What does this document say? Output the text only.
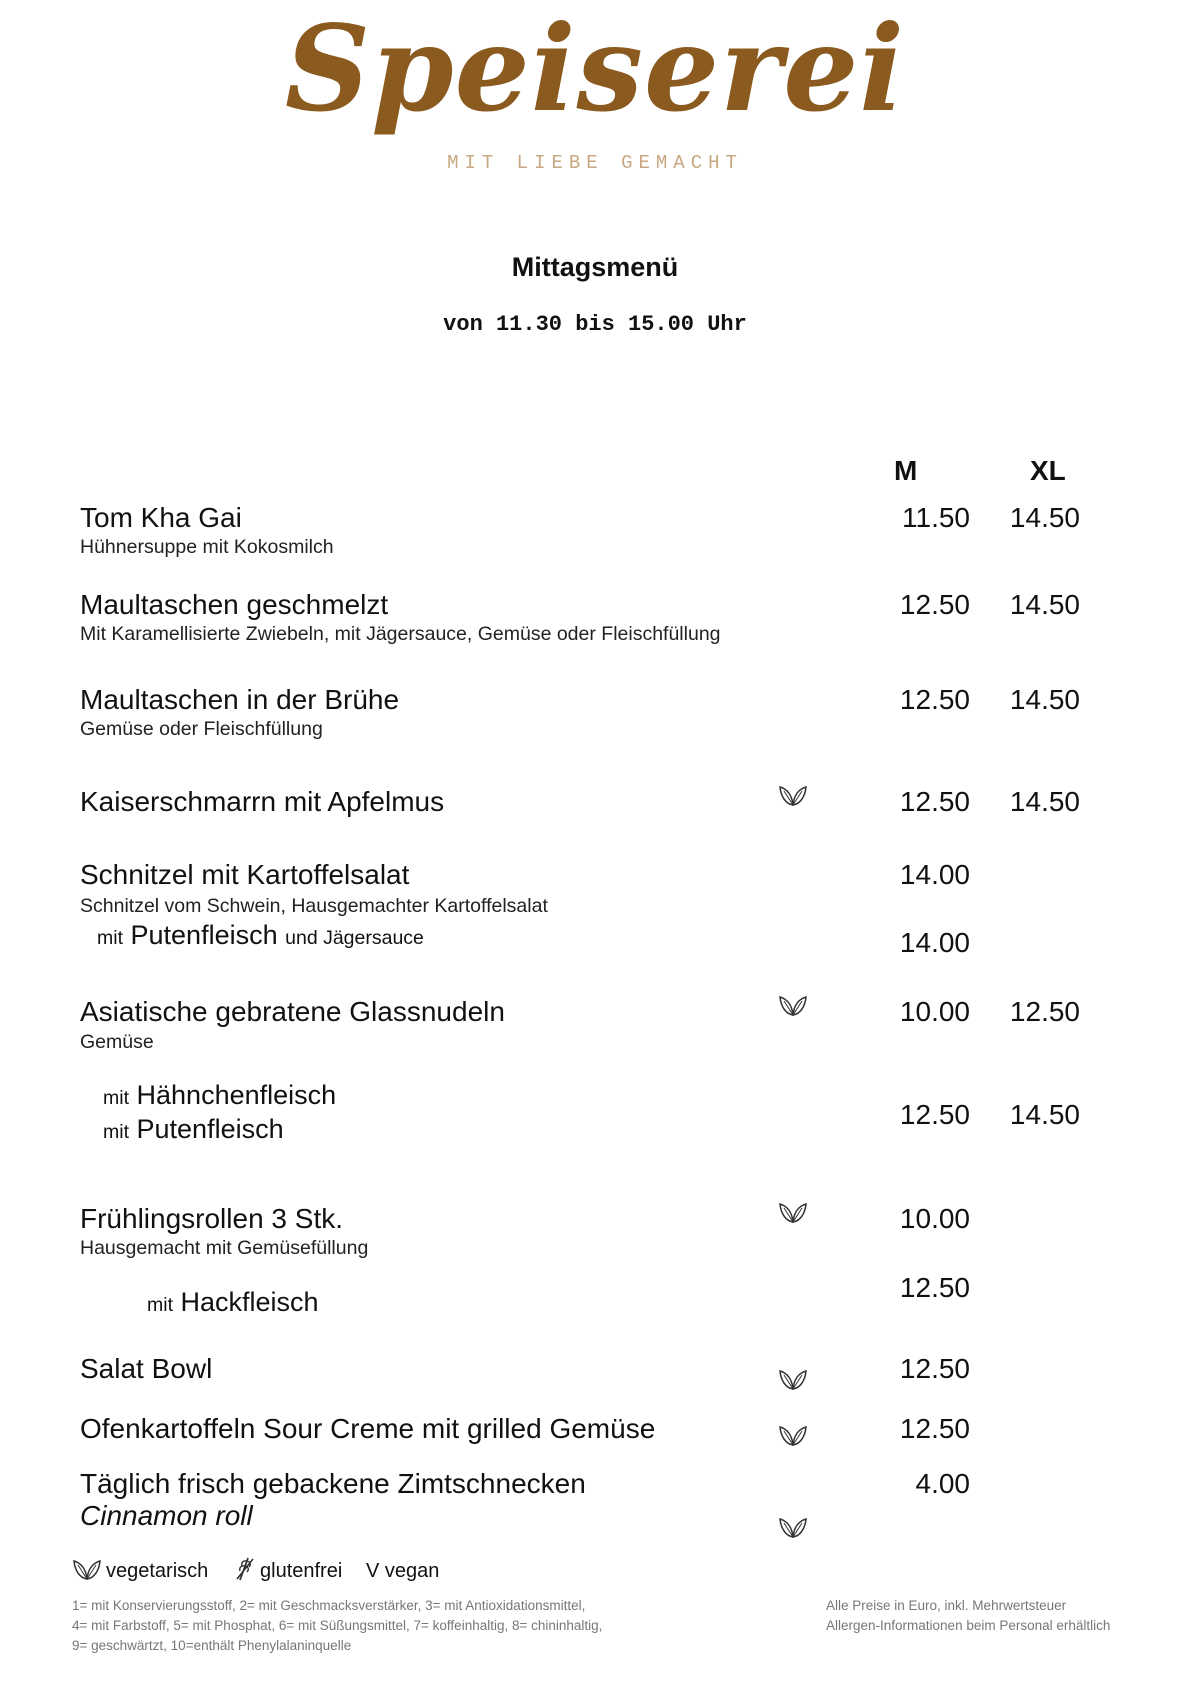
Speiserei
MIT LIEBE GEMACHT
Mittagsmenü
von 11.30 bis 15.00 Uhr
M	XL
Tom Kha Gai
Hühnersuppe mit Kokosmilch
11.50	14.50
Maultaschen geschmelzt
Mit Karamellisierte Zwiebeln, mit Jägersauce, Gemüse oder Fleischfüllung
12.50	14.50
Maultaschen in der Brühe
Gemüse oder Fleischfüllung
12.50	14.50
Kaiserschmarrn mit Apfelmus	12.50	14.50
Schnitzel mit Kartoffelsalat
Schnitzel vom Schwein, Hausgemachter Kartoffelsalat
14.00
mit Putenfleisch und Jägersauce	14.00
Asiatische gebratene Glassnudeln
Gemüse
10.00	12.50
mit Hähnchenfleisch
mit Putenfleisch	12.50	14.50
Frühlingsrollen 3 Stk.
Hausgemacht mit Gemüsefüllung
10.00
mit Hackfleisch	12.50
Salat Bowl	12.50
Ofenkartoffeln Sour Creme mit grilled Gemüse	12.50
Täglich frisch gebackene Zimtschnecken
Cinnamon roll
4.00
vegetarisch	glutenfrei V vegan
1= mit Konservierungsstoff, 2= mit Geschmacksverstärker, 3= mit Antioxidationsmittel,
4= mit Farbstoff, 5= mit Phosphat, 6= mit Süßungsmittel, 7= koffeinhaltig, 8= chininhaltig,
9= geschwärtzt, 10=enthält Phenylalaninquelle
Alle Preise in Euro, inkl. Mehrwertsteuer
Allergen-Informationen beim Personal erhältlich
